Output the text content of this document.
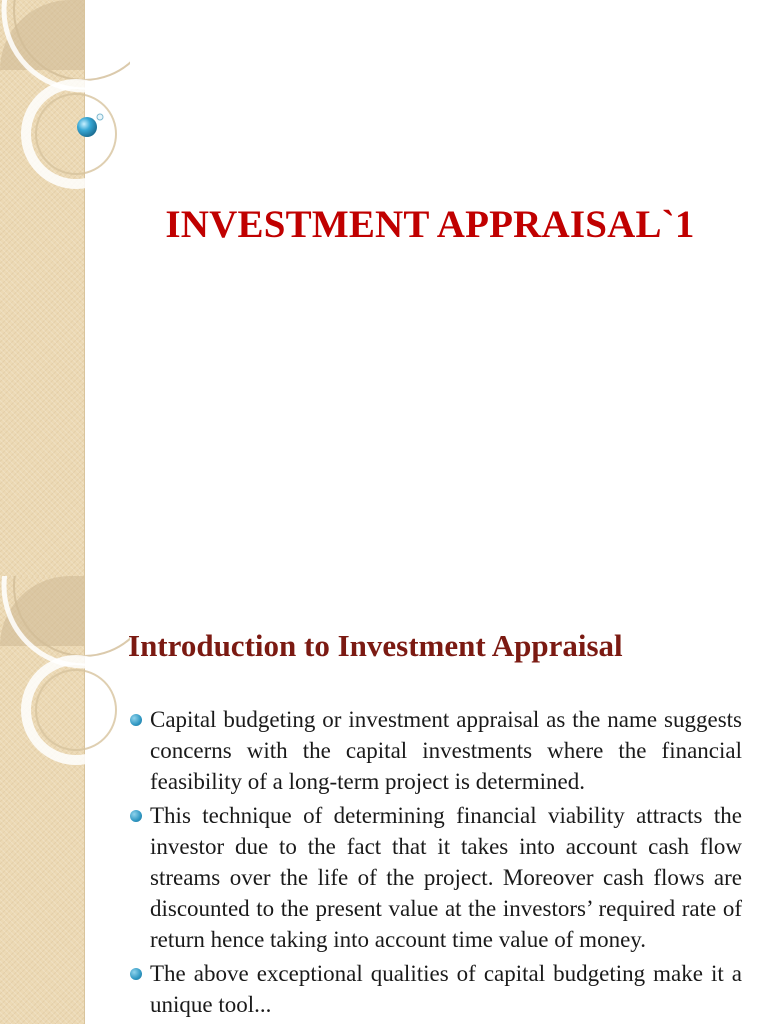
INVESTMENT APPRAISAL`1
Introduction to Investment Appraisal
Capital budgeting or investment appraisal as the name suggests concerns with the capital investments where the financial feasibility of a long-term project is determined.
This technique of determining financial viability attracts the investor due to the fact that it takes into account cash flow streams over the life of the project. Moreover cash flows are discounted to the present value at the investors’ required rate of return hence taking into account time value of money.
The above exceptional qualities of capital budgeting make it a unique tool...
